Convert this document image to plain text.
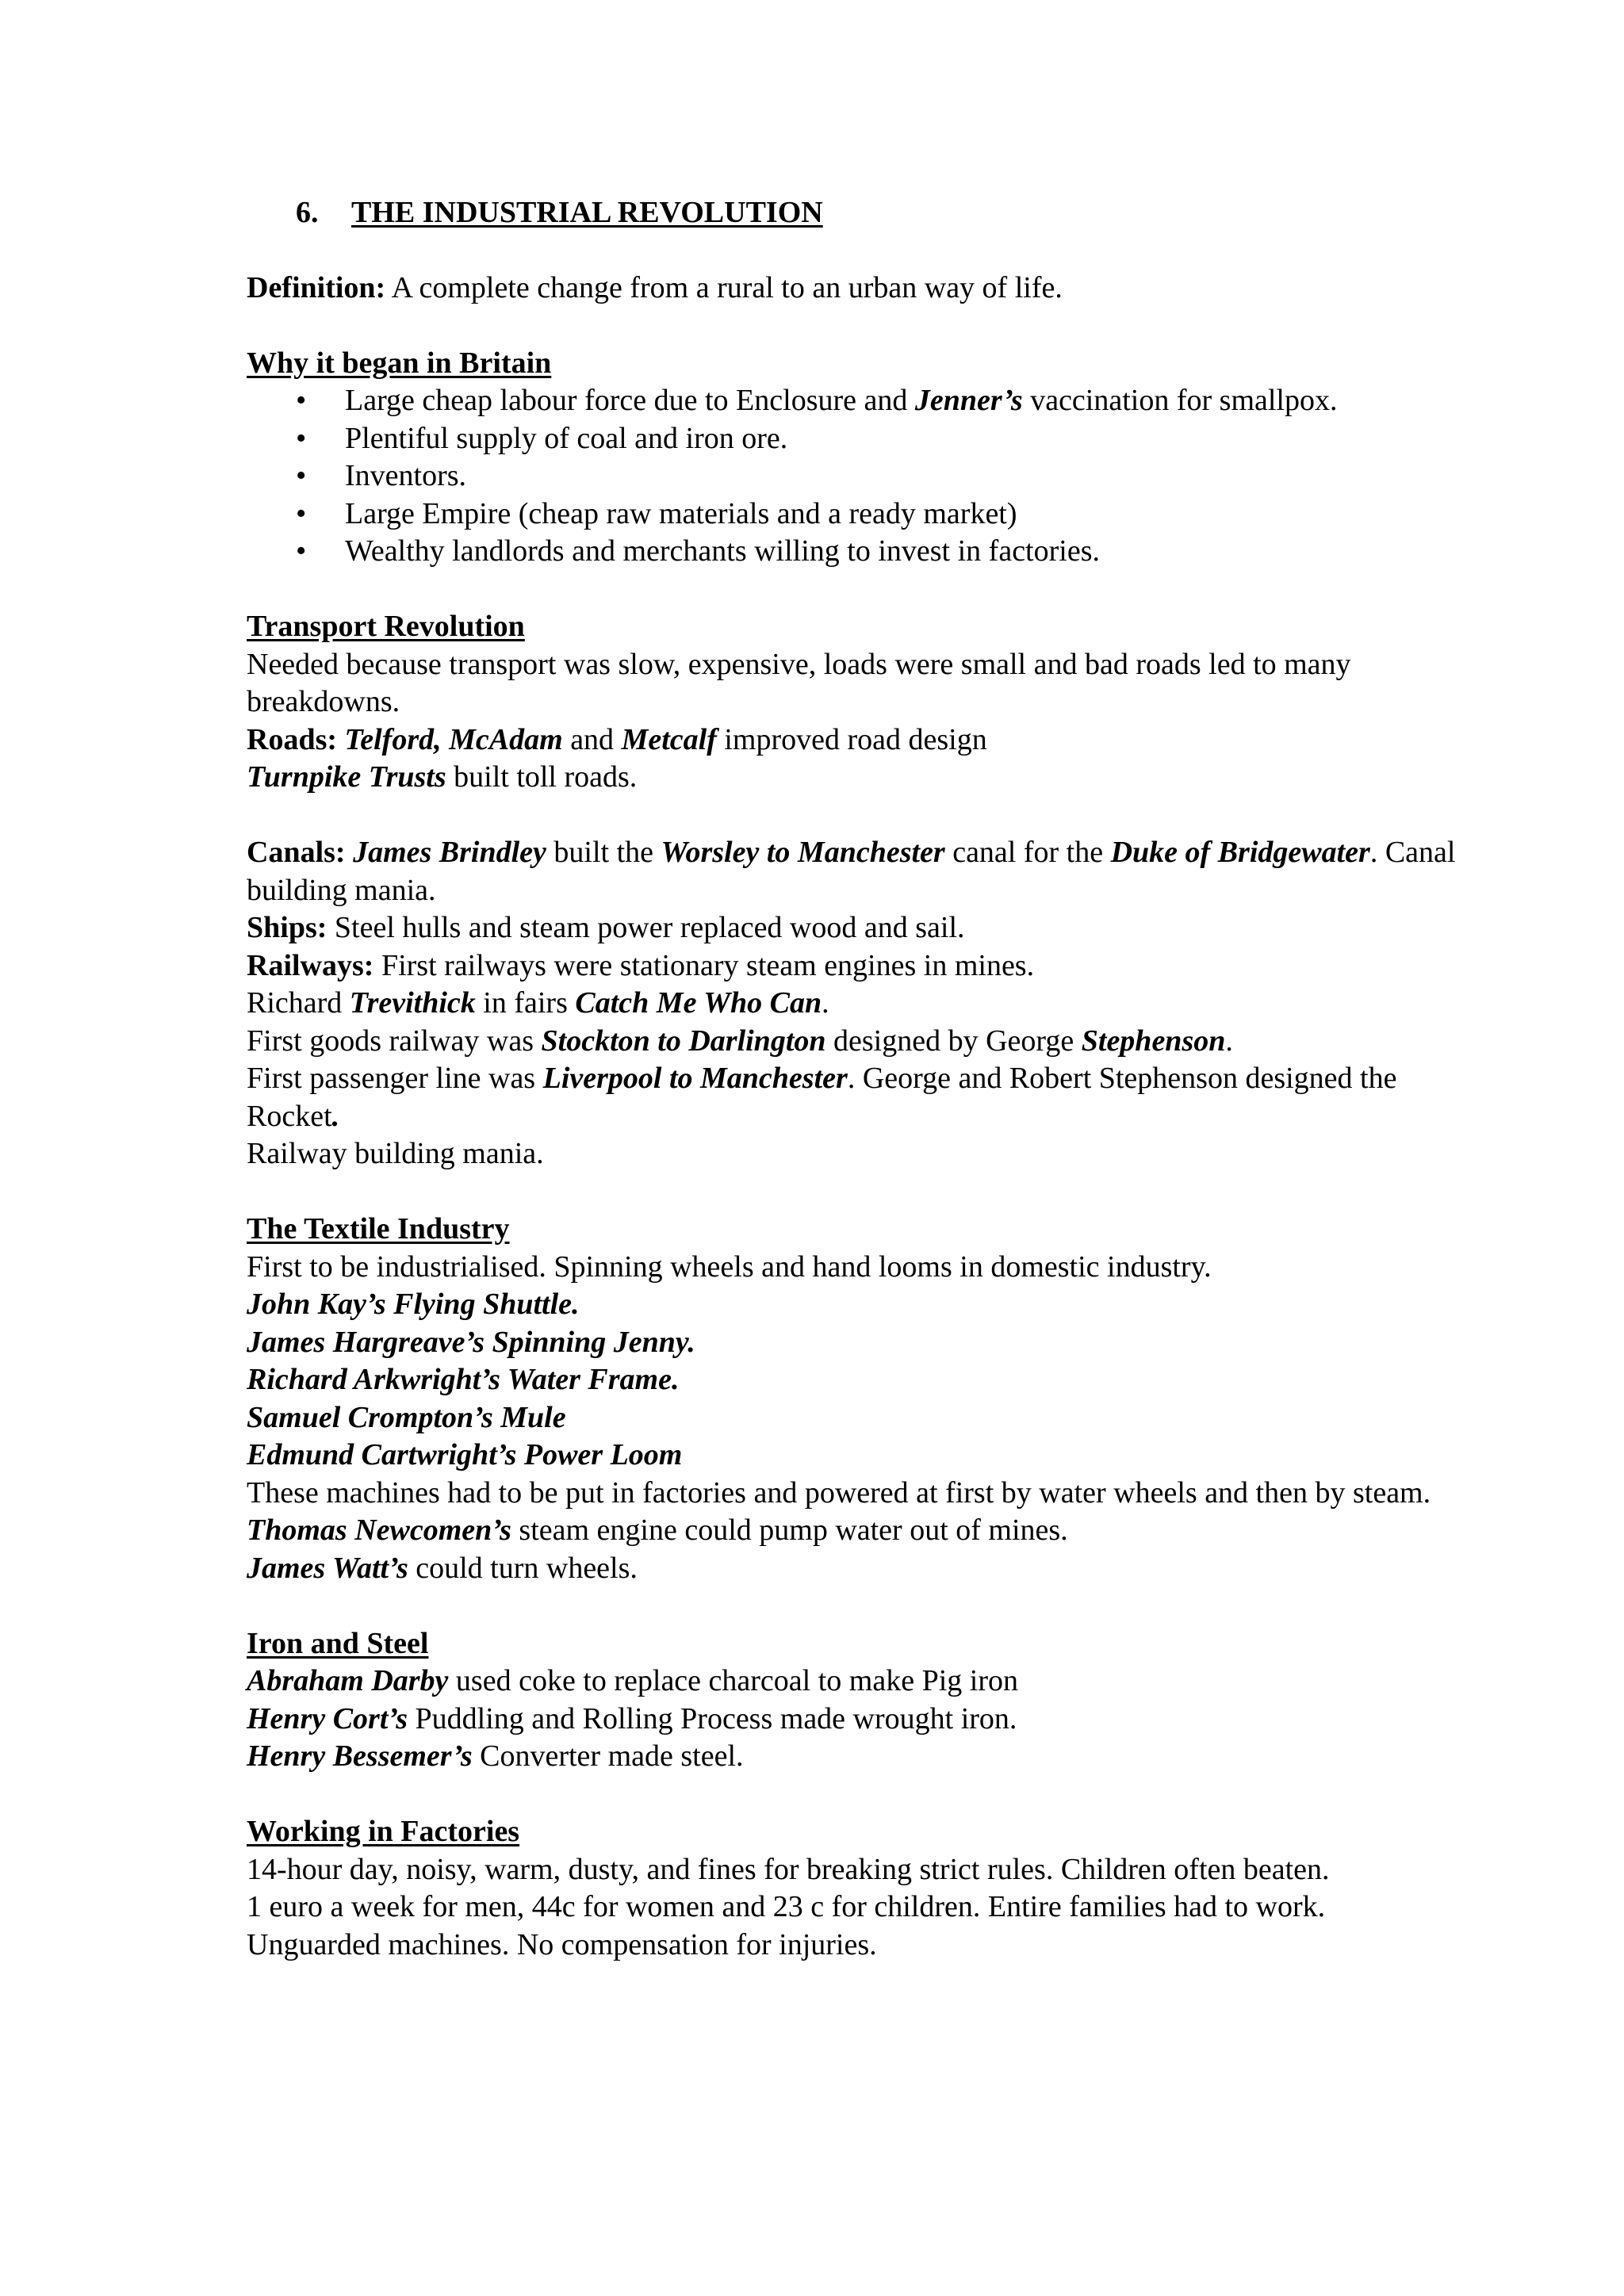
6.	THE INDUSTRIAL REVOLUTION

Definition: A complete change from a rural to an urban way of life.

Why it began in Britain

• Large cheap labour force due to Enclosure and Jenner’s vaccination for smallpox.
• Plentiful supply of coal and iron ore.
• Inventors.
• Large Empire (cheap raw materials and a ready market)
• Wealthy landlords and merchants willing to invest in factories.

Transport Revolution

Needed because transport was slow, expensive, loads were small and bad roads led to many breakdowns.

Roads: Telford, McAdam and Metcalf improved road design

Turnpike Trusts built toll roads.

Canals: James Brindley built the Worsley to Manchester canal for the Duke of Bridgewater. Canal building mania.

Ships: Steel hulls and steam power replaced wood and sail.

Railways: First railways were stationary steam engines in mines.

Richard Trevithick in fairs Catch Me Who Can.

First goods railway was Stockton to Darlington designed by George Stephenson.

First passenger line was Liverpool to Manchester. George and Robert Stephenson designed the Rocket.

Railway building mania.

The Textile Industry

First to be industrialised. Spinning wheels and hand looms in domestic industry.

John Kay’s Flying Shuttle.

James Hargreave’s Spinning Jenny.

Richard Arkwright’s Water Frame.

Samuel Crompton’s Mule

Edmund Cartwright’s Power Loom

These machines had to be put in factories and powered at first by water wheels and then by steam.

Thomas Newcomen’s steam engine could pump water out of mines.

James Watt’s could turn wheels.

Iron and Steel

Abraham Darby used coke to replace charcoal to make Pig iron

Henry Cort’s Puddling and Rolling Process made wrought iron.

Henry Bessemer’s Converter made steel.

Working in Factories

14-hour day, noisy, warm, dusty, and fines for breaking strict rules. Children often beaten.

1 euro a week for men, 44c for women and 23 c for children. Entire families had to work.

Unguarded machines. No compensation for injuries.
